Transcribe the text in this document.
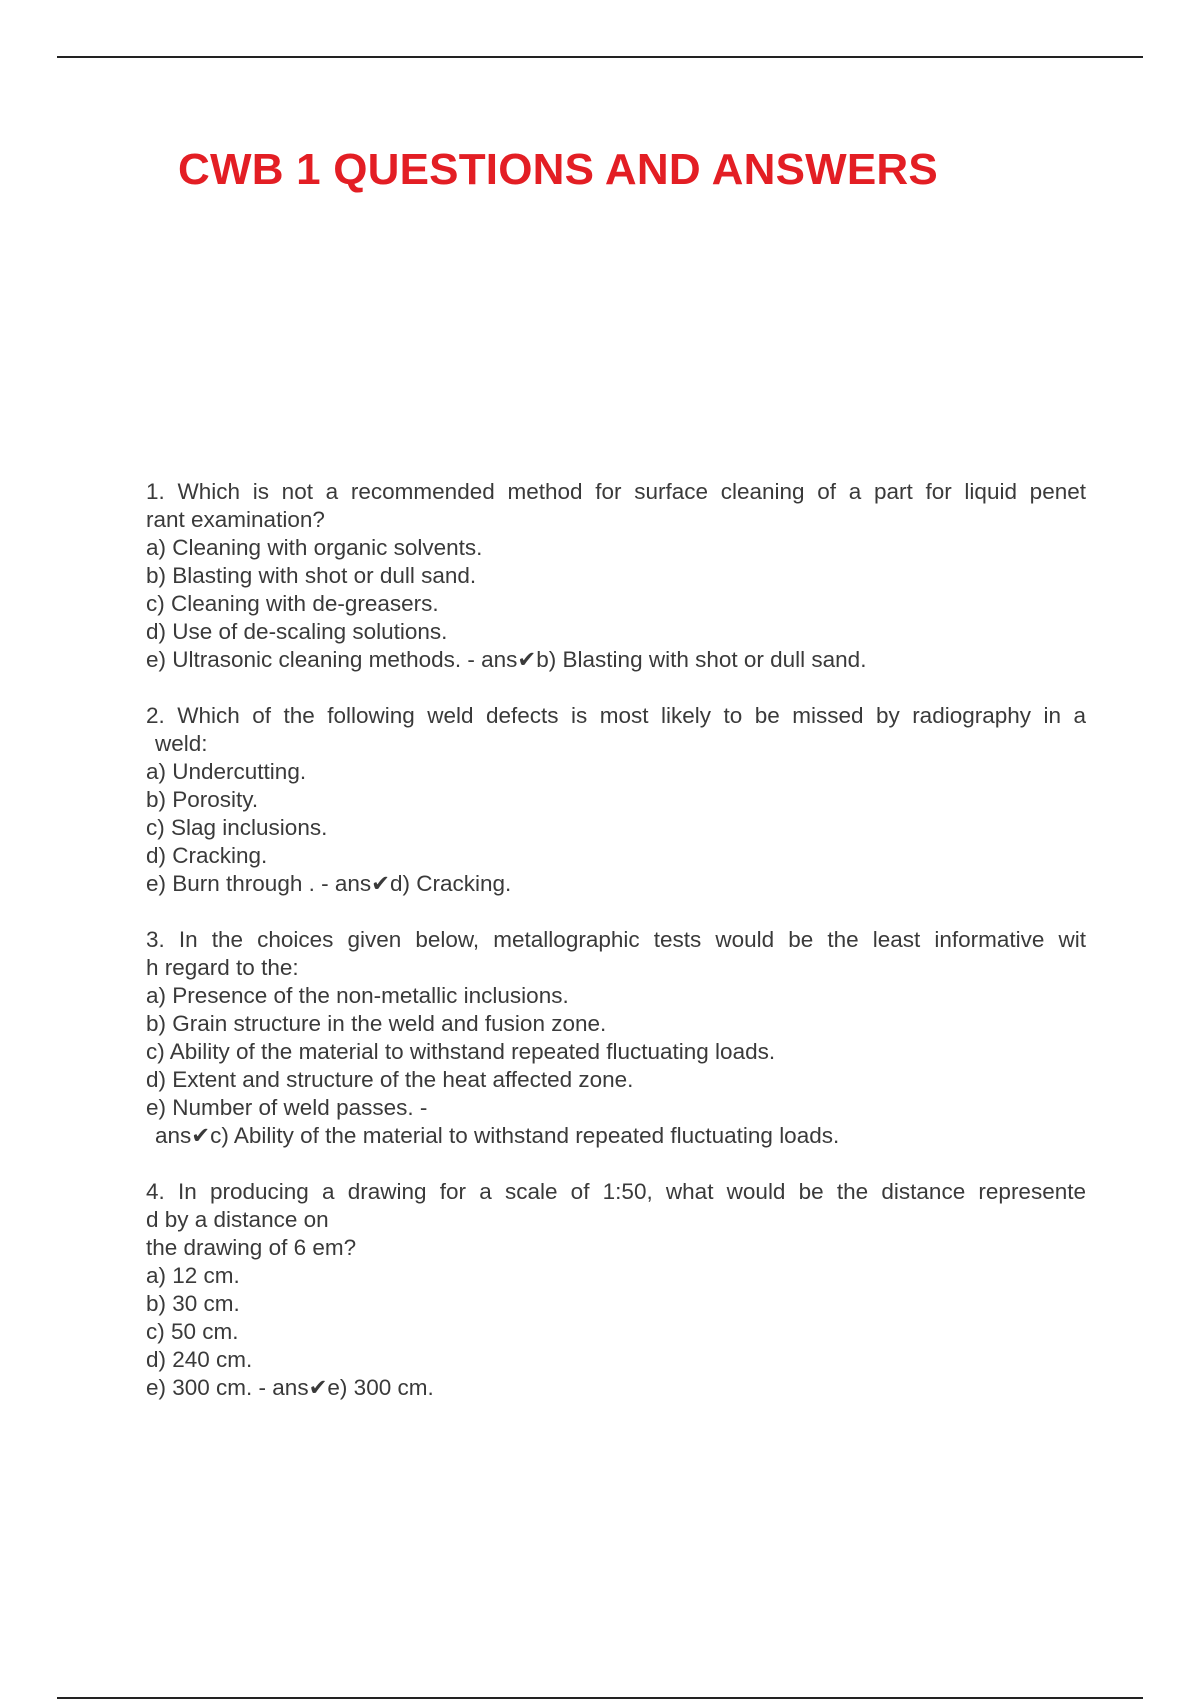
CWB 1 QUESTIONS AND ANSWERS
1. Which is not a recommended method for surface cleaning of a part for liquid penet
rant examination?
a) Cleaning with organic solvents.
b) Blasting with shot or dull sand.
c) Cleaning with de-greasers.
d) Use of de-scaling solutions.
e) Ultrasonic cleaning methods. - ans✔b) Blasting with shot or dull sand.
2. Which of the following weld defects is most likely to be missed by radiography in a
weld:
a) Undercutting.
b) Porosity.
c) Slag inclusions.
d) Cracking.
e) Burn through . - ans✔d) Cracking.
3. In the choices given below, metallographic tests would be the least informative wit
h regard to the:
a) Presence of the non-metallic inclusions.
b) Grain structure in the weld and fusion zone.
c) Ability of the material to withstand repeated fluctuating loads.
d) Extent and structure of the heat affected zone.
e) Number of weld passes. -
ans✔c) Ability of the material to withstand repeated fluctuating loads.
4. In producing a drawing for a scale of 1:50, what would be the distance represente
d by a distance on
the drawing of 6 em?
a) 12 cm.
b) 30 cm.
c) 50 cm.
d) 240 cm.
e) 300 cm. - ans✔e) 300 cm.
